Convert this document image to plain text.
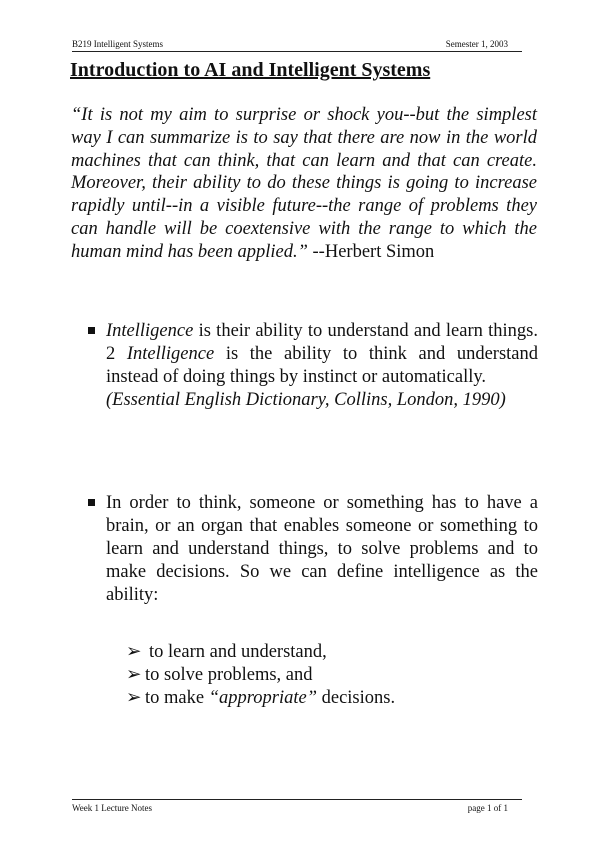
B219 Intelligent Systems	Semester 1, 2003
Introduction to AI and Intelligent Systems

“It is not my aim to surprise or shock you--but the simplest way I can summarize is to say that there are now in the world machines that can think, that can learn and that can create. Moreover, their ability to do these things is going to increase rapidly until--in a visible future--the range of problems they can handle will be coextensive with the range to which the human mind has been applied.” --Herbert Simon

Intelligence is their ability to understand and learn things. 2 Intelligence is the ability to think and understand instead of doing things by instinct or automatically.
(Essential English Dictionary, Collins, London, 1990)

In order to think, someone or something has to have a brain, or an organ that enables someone or something to learn and understand things, to solve problems and to make decisions. So we can define intelligence as the ability:

➢ to learn and understand,
➢ to solve problems, and
➢ to make “appropriate” decisions.
Week 1 Lecture Notes	page 1 of 1
